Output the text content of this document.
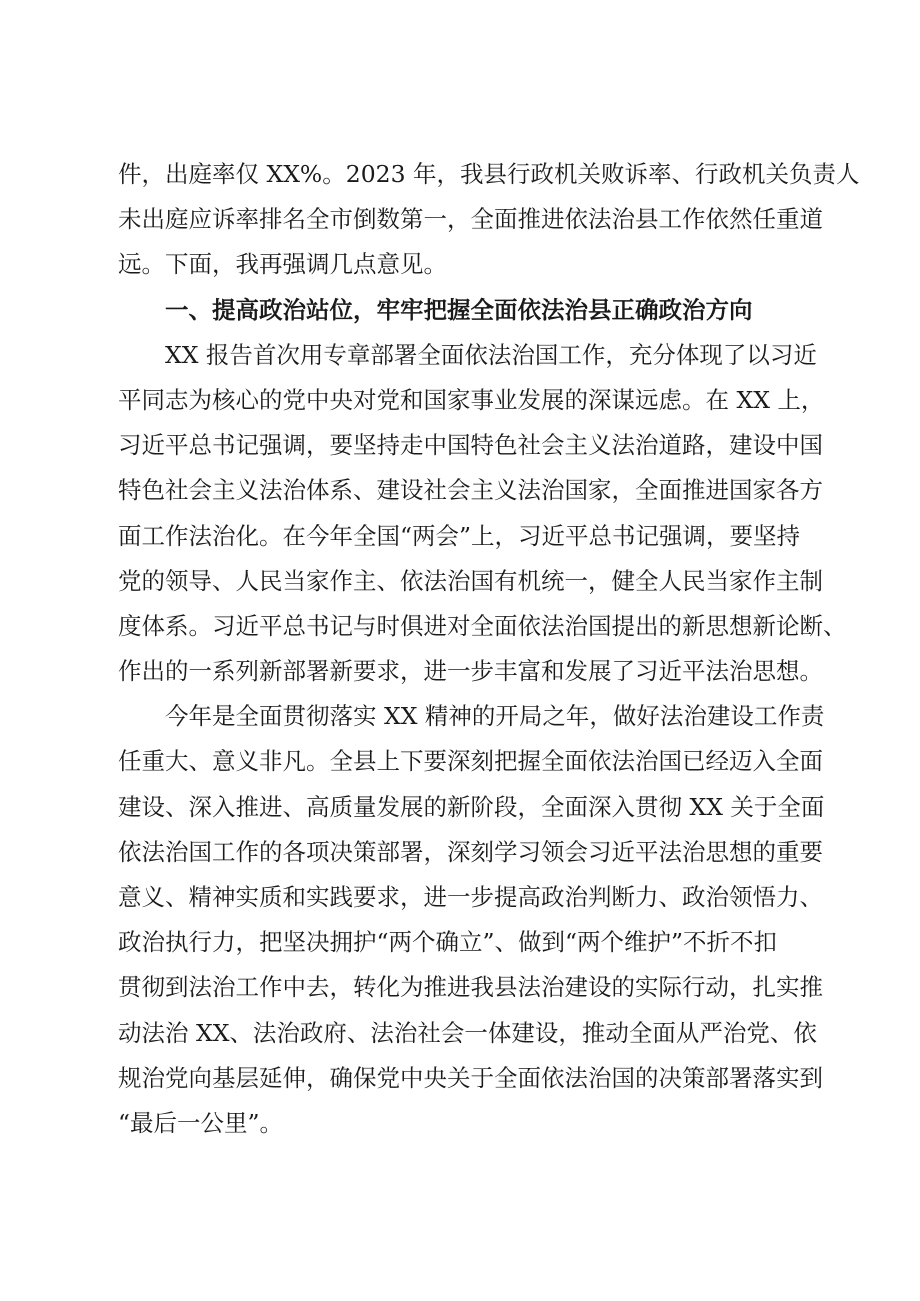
件，出庭率仅 XX%。2023 年，我县行政机关败诉率、行政机关负责人
未出庭应诉率排名全市倒数第一，全面推进依法治县工作依然任重道
远。下面，我再强调几点意见。
一、提高政治站位，牢牢把握全面依法治县正确政治方向
XX 报告首次用专章部署全面依法治国工作，充分体现了以习近
平同志为核心的党中央对党和国家事业发展的深谋远虑。在 XX 上，
习近平总书记强调，要坚持走中国特色社会主义法治道路，建设中国
特色社会主义法治体系、建设社会主义法治国家，全面推进国家各方
面工作法治化。在今年全国“两会”上，习近平总书记强调，要坚持
党的领导、人民当家作主、依法治国有机统一，健全人民当家作主制
度体系。习近平总书记与时俱进对全面依法治国提出的新思想新论断、
作出的一系列新部署新要求，进一步丰富和发展了习近平法治思想。
今年是全面贯彻落实 XX 精神的开局之年，做好法治建设工作责
任重大、意义非凡。全县上下要深刻把握全面依法治国已经迈入全面
建设、深入推进、高质量发展的新阶段，全面深入贯彻 XX 关于全面
依法治国工作的各项决策部署，深刻学习领会习近平法治思想的重要
意义、精神实质和实践要求，进一步提高政治判断力、政治领悟力、
政治执行力，把坚决拥护“两个确立”、做到“两个维护”不折不扣
贯彻到法治工作中去，转化为推进我县法治建设的实际行动，扎实推
动法治 XX、法治政府、法治社会一体建设，推动全面从严治党、依
规治党向基层延伸，确保党中央关于全面依法治国的决策部署落实到
“最后一公里”。
